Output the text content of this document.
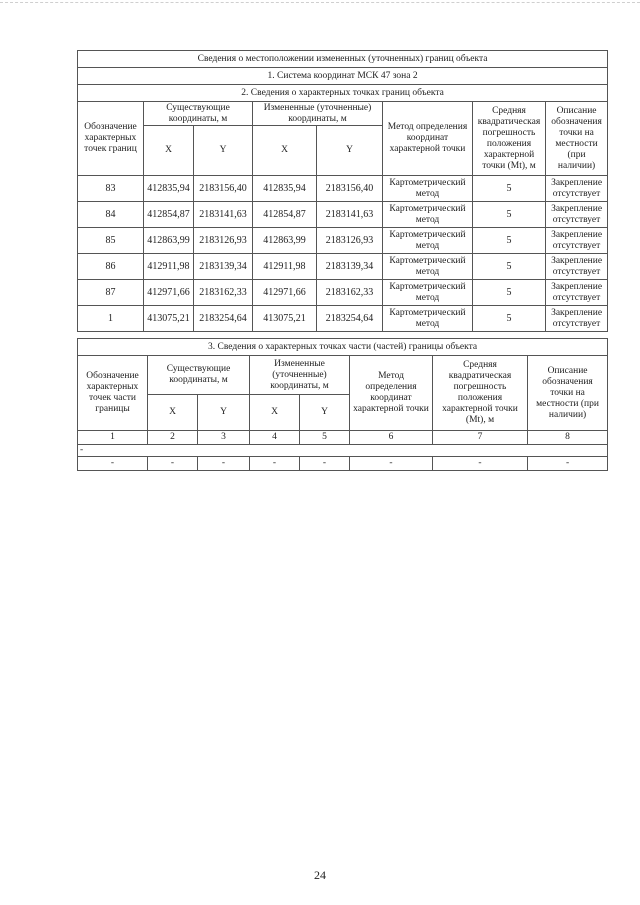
Сведения о местоположении измененных (уточненных) границ объекта							
1. Система координат МСК 47 зона 2							
2. Сведения о характерных точках границ объекта							
Обозначение характерных точек границ	Существующие координаты, м		Измененные (уточненные) координаты, м		Метод определения координат характерной точки	Средняя квадратическая погрешность положения характерной точки (Mt), м	Описание обозначения точки на местности (при наличии)
	X	Y	X	Y			
83	412835,94	2183156,40	412835,94	2183156,40	Картометрический метод	5	Закрепление отсутствует
84	412854,87	2183141,63	412854,87	2183141,63	Картометрический метод	5	Закрепление отсутствует
85	412863,99	2183126,93	412863,99	2183126,93	Картометрический метод	5	Закрепление отсутствует
86	412911,98	2183139,34	412911,98	2183139,34	Картометрический метод	5	Закрепление отсутствует
87	412971,66	2183162,33	412971,66	2183162,33	Картометрический метод	5	Закрепление отсутствует
1	413075,21	2183254,64	413075,21	2183254,64	Картометрический метод	5	Закрепление отсутствует
3. Сведения о характерных точках части (частей) границы объекта							
Обозначение характерных точек части границы	Существующие координаты, м		Измененные (уточненные) координаты, м		Метод определения координат характерной точки	Средняя квадратическая погрешность положения характерной точки (Mt), м	Описание обозначения точки на местности (при наличии)
	X	Y	X	Y			
1	2	3	4	5	6	7	8
-							
-	-	-	-	-	-	-	-
24
